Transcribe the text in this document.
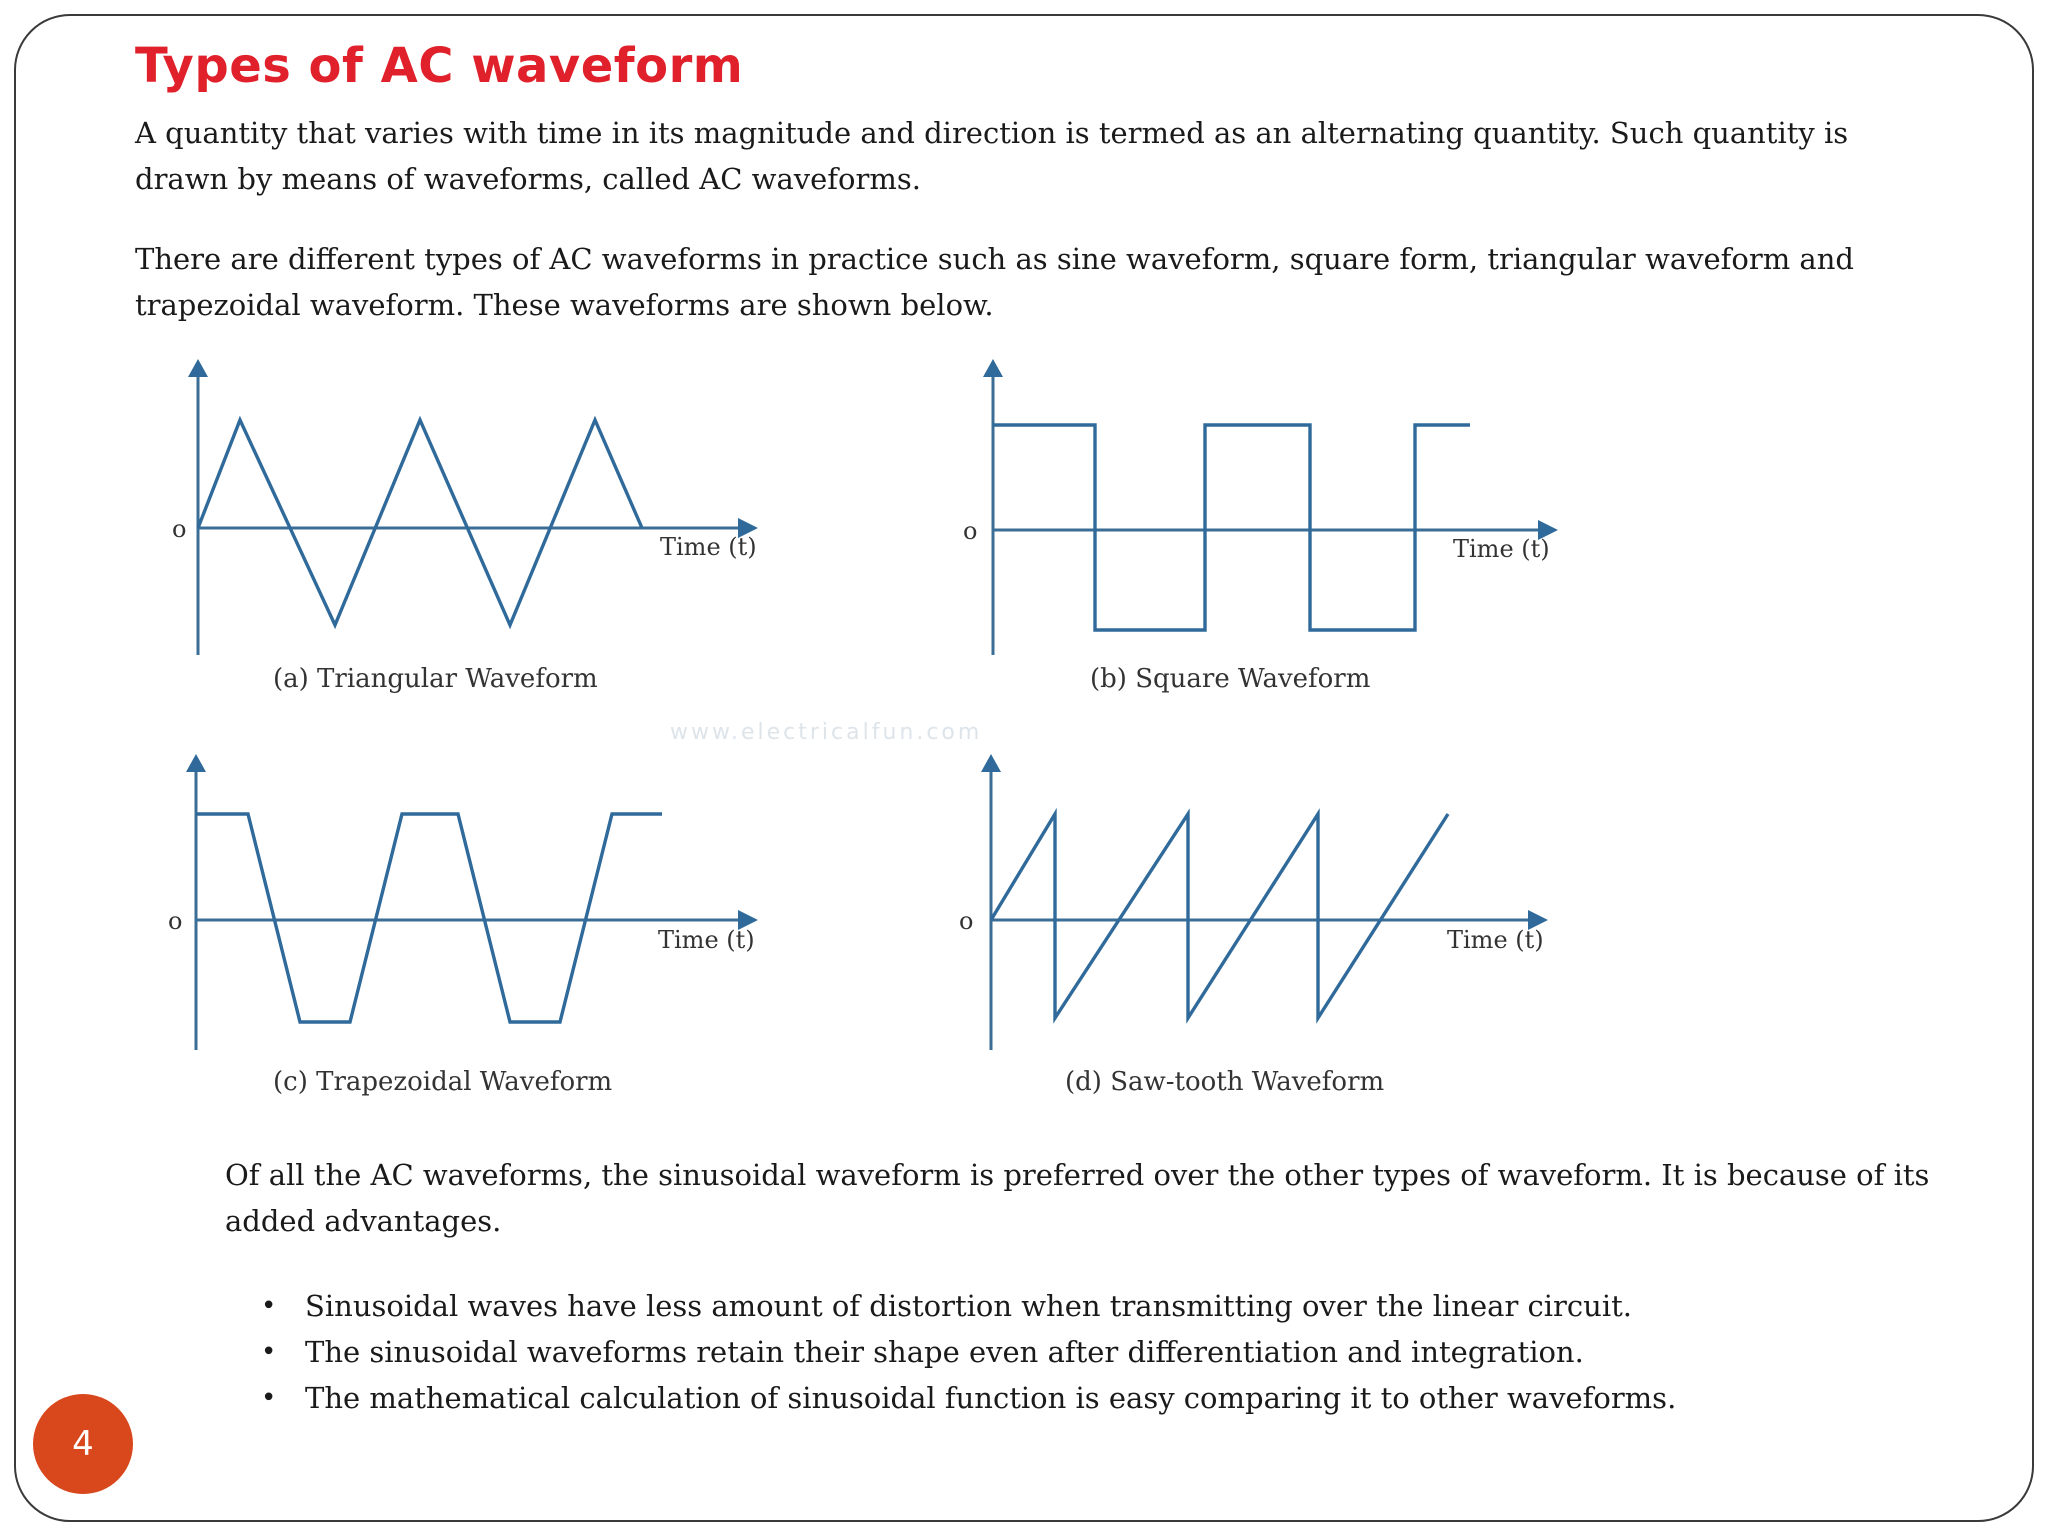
Types of AC waveform

A quantity that varies with time in its magnitude and direction is termed as an alternating quantity. Such quantity is drawn by means of waveforms, called AC waveforms.

There are different types of AC waveforms in practice such as sine waveform, square form, triangular waveform and trapezoidal waveform. These waveforms are shown below.

o
Time (t)
(a) Triangular Waveform
o
Time (t)
(b) Square Waveform
www.electricalfun.com
o
Time (t)
(c) Trapezoidal Waveform
o
Time (t)
(d) Saw-tooth Waveform

Of all the AC waveforms, the sinusoidal waveform is preferred over the other types of waveform. It is because of its added advantages.

• Sinusoidal waves have less amount of distortion when transmitting over the linear circuit.
• The sinusoidal waveforms retain their shape even after differentiation and integration.
• The mathematical calculation of sinusoidal function is easy comparing it to other waveforms.
4
